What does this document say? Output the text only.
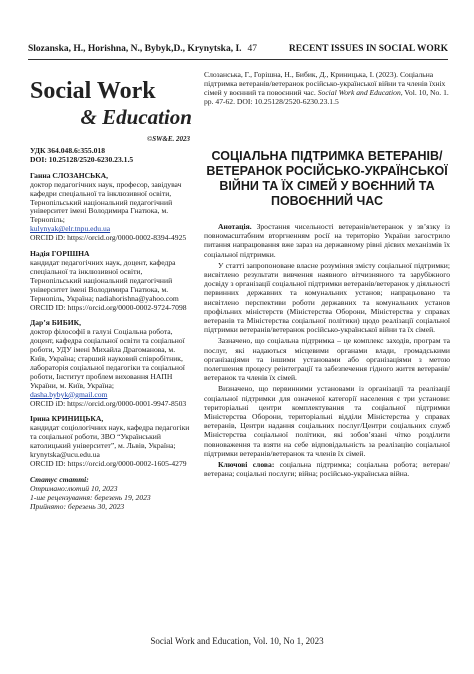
Slozanska, H., Horishna, N., Bybyk,D., Krynytska, I. 47	RECENT ISSUES IN SOCIAL WORK
Social Work
& Education
©SW&E. 2023

УДК 364.048.6:355.018

DOI: 10.25128/2520-6230.23.1.5

Ганна СЛОЗАНСЬКА,

доктор педагогічних наук, професор, завідувач кафедри спеціальної та інклюзивної освіти, Тернопільський національний педагогічний університет імені Володимира Гнатюка, м. Тернопіль;

kulynyak@elr.tnpu.edu.ua

ORCID iD: https://orcid.org/0000-0002-8394-4925

Надія ГОРІШНА

кандидат педагогічних наук, доцент, кафедра спеціальної та інклюзивної освіти, Тернопільський національний педагогічний університет імені Володимира Гнатюка, м. Тернопіль, Україна; nadiahorishna@yahoo.com

ORCID ID: https://orcid.org/0000-0002-9724-7098

Дар’я БИБИК,

доктор філософії в галузі Соціальна робота, доцент, кафедра соціальної освіти та соціальної роботи, УДУ імені Михайла Драгоманова, м. Київ, Україна; старший науковий співробітник, лабораторія соціальної педагогіки та соціальної роботи, Інститут проблем виховання НАПН України, м. Київ, Україна;

dasha.bybyk@gmail.com

ORCID iD: https://orcid.org/0000-0001-9947-8503

Ірина КРИНИЦЬКА,

кандидат соціологічних наук, кафедра педагогіки та соціальної роботи, ЗВО “Український католицький університет”, м. Львів, Україна; krynytska@ucu.edu.ua

ORCID ID: https://orcid.org/0000-0002-1605-4279

Статус статті:

Отримано:лютий 10, 2023

1-ше рецензування: березень 19, 2023

Прийнято: березень 30, 2023

Слозанська, Г., Горішна, Н., Бибик, Д., Криницька, І. (2023). Соціальна підтримка ветеранів/ветеранок російсько-української війни та членів їхніх сімей у воєнний та повоєнний час. Social Work and Education, Vol. 10, No. 1. pp. 47-62. DOI: 10.25128/2520-6230.23.1.5
СОЦІАЛЬНА ПІДТРИМКА ВЕТЕРАНІВ/ВЕТЕРАНОК РОСІЙСЬКО-УКРАЇНСЬКОЇ ВІЙНИ ТА ЇХ СІМЕЙ У ВОЄННИЙ ТА ПОВОЄННИЙ ЧАС

Анотація. Зростання чисельності ветеранів/ветеранок у зв’язку із повномасштабним вторгненням росії на територію України загострило питання напрацювання вже зараз на державному рівні дієвих механізмів їх соціальної підтримки.

У статті запропоноване власне розуміння змісту соціальної підтримки; висвітлено результати вивчення наявного вітчизняного та зарубіжного досвіду з організації соціальної підтримки ветеранів/ветеранок у діяльності первинних державних та комунальних установ; напрацьовано та висвітлено перспективи роботи державних та комунальних установ профільних міністерств (Міністерства Оборони, Міністерства у справах ветеранів та Міністерства соціальної політики) щодо реалізації соціальної підтримки ветеранів/ветеранок російсько-української війни та їх сімей.

Зазначено, що соціальна підтримка – це комплекс заходів, програм та послуг, які надаються місцевими органами влади, громадськими організаціями та іншими установами або організаціями з метою полегшення процесу реінтеграції та забезпечення гідного життя ветеранів/ветеранок та членів їх сімей.

Визначено, що первинними установами із організації та реалізації соціальної підтримки для означеної категорії населення є три установи: територіальні центри комплектування та соціальної підтримки Міністерства Оборони, територіальні відділи Міністерства у справах ветеранів, Центри надання соціальних послуг/Центри соціальних служб Міністерства соціальної політики, які зобов’язані чітко розділити повноваження та взяти на себе відповідальність за реалізацію соціальної підтримки ветеранів/ветеранок та членів їх сімей.

Ключові слова: соціальна підтримка; соціальна робота; ветеран/ветерана; соціальні послуги; війна; російсько-українська війна.

Social Work and Education, Vol. 10, No 1, 2023
